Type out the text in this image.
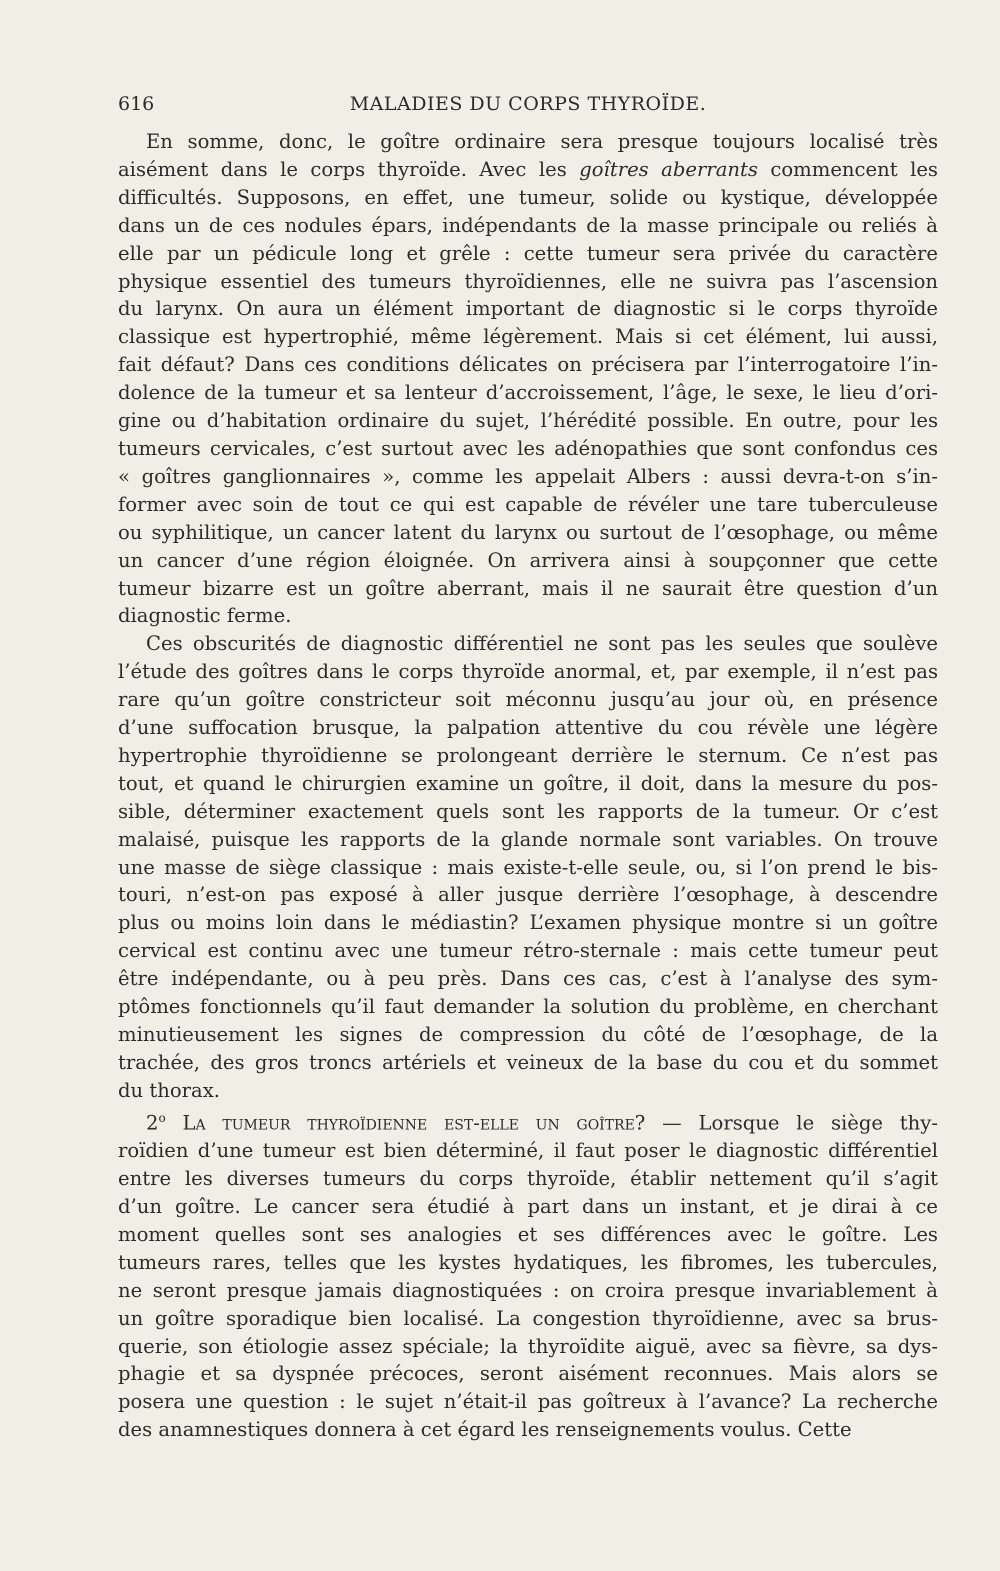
616	MALADIES DU CORPS THYROÏDE.
En somme, donc, le goître ordinaire sera presque toujours localisé très
aisément dans le corps thyroïde. Avec les goîtres aberrants commencent les
difficultés. Supposons, en effet, une tumeur, solide ou kystique, développée
dans un de ces nodules épars, indépendants de la masse principale ou reliés à
elle par un pédicule long et grêle : cette tumeur sera privée du caractère
physique essentiel des tumeurs thyroïdiennes, elle ne suivra pas l’ascension
du larynx. On aura un élément important de diagnostic si le corps thyroïde
classique est hypertrophié, même légèrement. Mais si cet élément, lui aussi,
fait défaut? Dans ces conditions délicates on précisera par l’interrogatoire l’in-
dolence de la tumeur et sa lenteur d’accroissement, l’âge, le sexe, le lieu d’ori-
gine ou d’habitation ordinaire du sujet, l’hérédité possible. En outre, pour les
tumeurs cervicales, c’est surtout avec les adénopathies que sont confondus ces
« goîtres ganglionnaires », comme les appelait Albers : aussi devra-t-on s’in-
former avec soin de tout ce qui est capable de révéler une tare tuberculeuse
ou syphilitique, un cancer latent du larynx ou surtout de l’œsophage, ou même
un cancer d’une région éloignée. On arrivera ainsi à soupçonner que cette
tumeur bizarre est un goître aberrant, mais il ne saurait être question d’un
diagnostic ferme.
Ces obscurités de diagnostic différentiel ne sont pas les seules que soulève
l’étude des goîtres dans le corps thyroïde anormal, et, par exemple, il n’est pas
rare qu’un goître constricteur soit méconnu jusqu’au jour où, en présence
d’une suffocation brusque, la palpation attentive du cou révèle une légère
hypertrophie thyroïdienne se prolongeant derrière le sternum. Ce n’est pas
tout, et quand le chirurgien examine un goître, il doit, dans la mesure du pos-
sible, déterminer exactement quels sont les rapports de la tumeur. Or c’est
malaisé, puisque les rapports de la glande normale sont variables. On trouve
une masse de siège classique : mais existe-t-elle seule, ou, si l’on prend le bis-
touri, n’est-on pas exposé à aller jusque derrière l’œsophage, à descendre
plus ou moins loin dans le médiastin? L’examen physique montre si un goître
cervical est continu avec une tumeur rétro-sternale : mais cette tumeur peut
être indépendante, ou à peu près. Dans ces cas, c’est à l’analyse des sym-
ptômes fonctionnels qu’il faut demander la solution du problème, en cherchant
minutieusement les signes de compression du côté de l’œsophage, de la
trachée, des gros troncs artériels et veineux de la base du cou et du sommet
du thorax.
2$^o$ La tumeur thyroïdienne est-elle un goître? — Lorsque le siège thy-
roïdien d’une tumeur est bien déterminé, il faut poser le diagnostic différentiel
entre les diverses tumeurs du corps thyroïde, établir nettement qu’il s’agit
d’un goître. Le cancer sera étudié à part dans un instant, et je dirai à ce
moment quelles sont ses analogies et ses différences avec le goître. Les
tumeurs rares, telles que les kystes hydatiques, les fibromes, les tubercules,
ne seront presque jamais diagnostiquées : on croira presque invariablement à
un goître sporadique bien localisé. La congestion thyroïdienne, avec sa brus-
querie, son étiologie assez spéciale; la thyroïdite aiguë, avec sa fièvre, sa dys-
phagie et sa dyspnée précoces, seront aisément reconnues. Mais alors se
posera une question : le sujet n’était-il pas goîtreux à l’avance? La recherche
des anamnestiques donnera à cet égard les renseignements voulus. Cette
